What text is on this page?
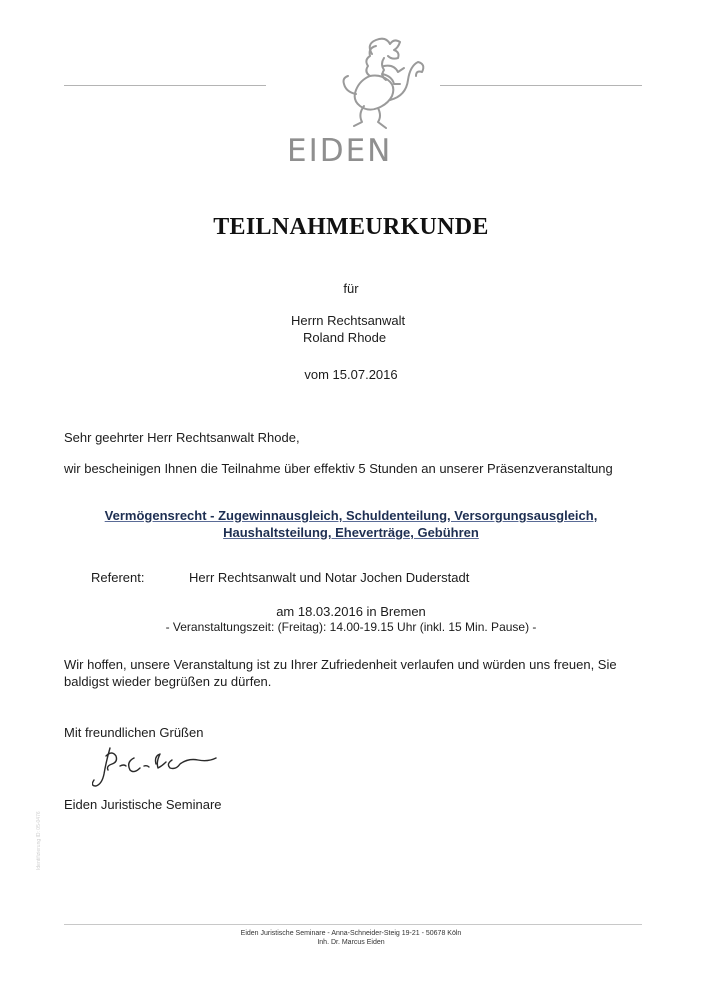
EIDEN
TEILNAHMEURKUNDE
für
Herrn Rechtsanwalt
Roland Rhode
vom 15.07.2016
Sehr geehrter Herr Rechtsanwalt Rhode,
wir bescheinigen Ihnen die Teilnahme über effektiv 5 Stunden an unserer Präsenzveranstaltung
Vermögensrecht - Zugewinnausgleich, Schuldenteilung, Versorgungsausgleich,
Haushaltsteilung, Eheverträge, Gebühren
Referent:	Herr Rechtsanwalt und Notar Jochen Duderstadt
am 18.03.2016 in Bremen
- Veranstaltungszeit: (Freitag): 14.00-19.15 Uhr (inkl. 15 Min. Pause) -
Wir hoffen, unsere Veranstaltung ist zu Ihrer Zufriedenheit verlaufen und würden uns freuen, Sie
baldigst wieder begrüßen zu dürfen.
Mit freundlichen Grüßen
Eiden Juristische Seminare
Identifizierung ID: 05-0476
Eiden Juristische Seminare - Anna-Schneider-Steig 19-21 - 50678 Köln
Inh. Dr. Marcus Eiden
